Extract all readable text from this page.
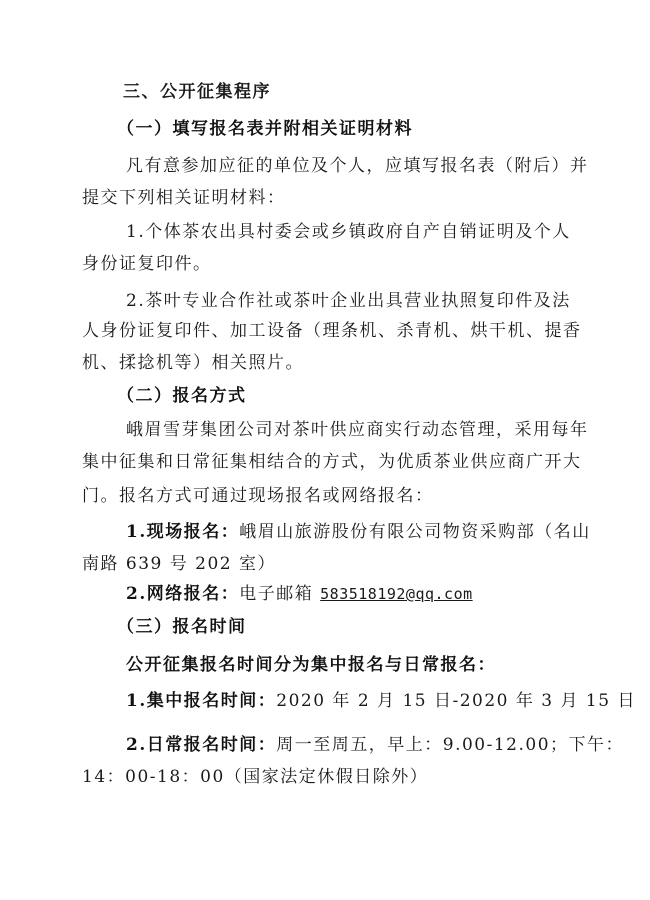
三、公开征集程序
（一）填写报名表并附相关证明材料
凡有意参加应征的单位及个人，应填写报名表（附后）并
提交下列相关证明材料：
1.个体茶农出具村委会或乡镇政府自产自销证明及个人
身份证复印件。
2.茶叶专业合作社或茶叶企业出具营业执照复印件及法
人身份证复印件、加工设备（理条机、杀青机、烘干机、提香
机、揉捻机等）相关照片。
（二）报名方式
峨眉雪芽集团公司对茶叶供应商实行动态管理，采用每年
集中征集和日常征集相结合的方式，为优质茶业供应商广开大
门。报名方式可通过现场报名或网络报名：
1.现场报名：峨眉山旅游股份有限公司物资采购部（名山
南路 639 号 202 室）
2.网络报名：电子邮箱 583518192@qq.com
（三）报名时间
公开征集报名时间分为集中报名与日常报名：
1.集中报名时间：2020 年 2 月 15 日-2020 年 3 月 15 日
2.日常报名时间：周一至周五，早上：9.00-12.00；下午：
14：00-18：00（国家法定休假日除外）
